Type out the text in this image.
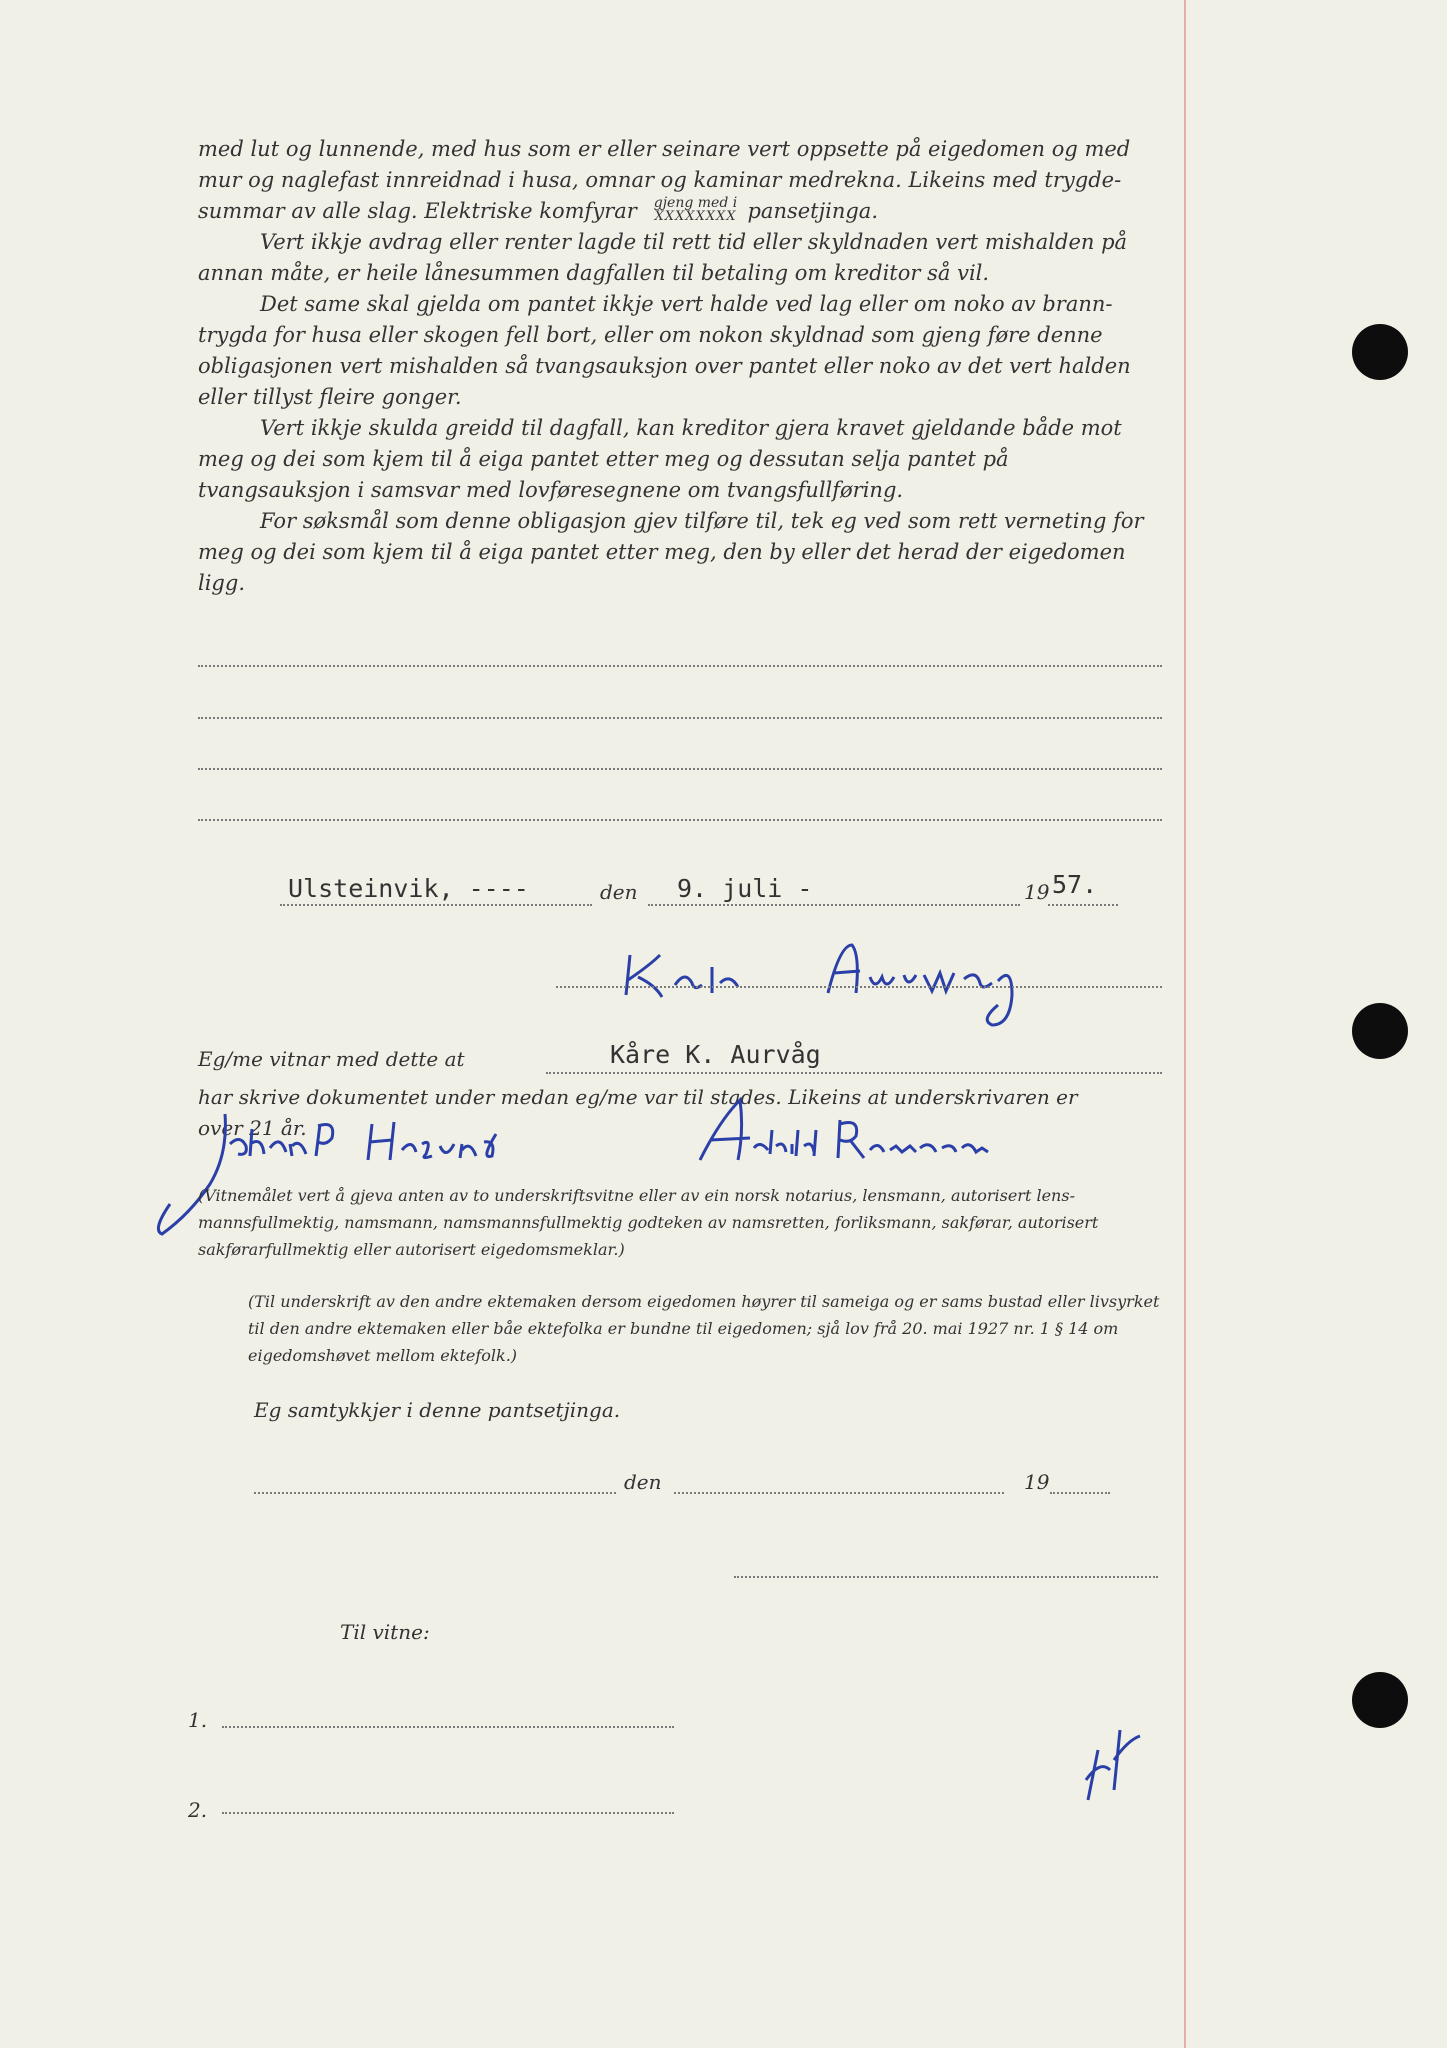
med lut og lunnende, med hus som er eller seinare vert oppsette på eigedomen og med mur og naglefast innreidnad i husa, omnar og kaminar medrekna. Likeins med trygde-summar av alle slag. Elektriske komfyrar gjeng med i
XXXXXXXX pansetjinga.

Vert ikkje avdrag eller renter lagde til rett tid eller skyldnaden vert mishalden på annan måte, er heile lånesummen dagfallen til betaling om kreditor så vil.

Det same skal gjelda om pantet ikkje vert halde ved lag eller om noko av brann-trygda for husa eller skogen fell bort, eller om nokon skyldnad som gjeng føre denne obligasjonen vert mishalden så tvangsauksjon over pantet eller noko av det vert halden eller tillyst fleire gonger.

Vert ikkje skulda greidd til dagfall, kan kreditor gjera kravet gjeldande både mot meg og dei som kjem til å eiga pantet etter meg og dessutan selja pantet på tvangsauksjon i samsvar med lovføresegnene om tvangsfullføring.

For søksmål som denne obligasjon gjev tilføre til, tek eg ved som rett verneting for meg og dei som kjem til å eiga pantet etter meg, den by eller det herad der eigedomen ligg.

Ulsteinvik, ----	den 9. juli -	19 57.
Eg/me vitnar med dette at	Kåre K. Aurvåg
har skrive dokumentet under medan eg/me var til stades. Likeins at underskrivaren er
over 21 år.
(Vitnemålet vert å gjeva anten av to underskriftsvitne eller av ein norsk notarius, lensmann, autorisert lens-mannsfullmektig, namsmann, namsmannsfullmektig godteken av namsretten, forliksmann, sakførar, autorisert sakførarfullmektig eller autorisert eigedomsmeklar.)
(Til underskrift av den andre ektemaken dersom eigedomen høyrer til sameiga og er sams bustad eller livsyrket til den andre ektemaken eller båe ektefolka er bundne til eigedomen; sjå lov frå 20. mai 1927 nr. 1 § 14 om eigedomshøvet mellom ektefolk.)
Eg samtykkjer i denne pantsetjinga.
den	19
Til vitne:
1.
2.
